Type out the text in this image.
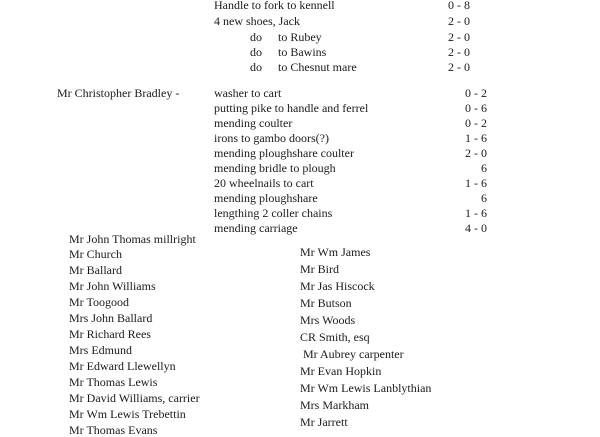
Handle to fork to kennell	0 - 8
4 new shoes, Jack	2 - 0
do to Rubey	2 - 0
do to Bawins	2 - 0
do to Chesnut mare	2 - 0
Mr Christopher Bradley -	washer to cart	0 - 2
putting pike to handle and ferrel	0 - 6
mending coulter	0 - 2
irons to gambo doors(?)	1 - 6
mending ploughshare coulter	2 - 0
mending bridle to plough	6
20 wheelnails to cart	1 - 6
mending ploughshare	6
lengthing 2 coller chains	1 - 6
mending carriage	4 - 0
Mr John Thomas millright
Mr Church
Mr Ballard
Mr John Williams
Mr Toogood
Mrs John Ballard
Mr Richard Rees
Mrs Edmund
Mr Edward Llewellyn
Mr Thomas Lewis
Mr David Williams, carrier
Mr Wm Lewis Trebettin
Mr Thomas Evans
Mr Wm James
Mr Bird
Mr Jas Hiscock
Mr Butson
Mrs Woods
CR Smith, esq
Mr Aubrey carpenter
Mr Evan Hopkin
Mr Wm Lewis Lanblythian
Mrs Markham
Mr Jarrett
